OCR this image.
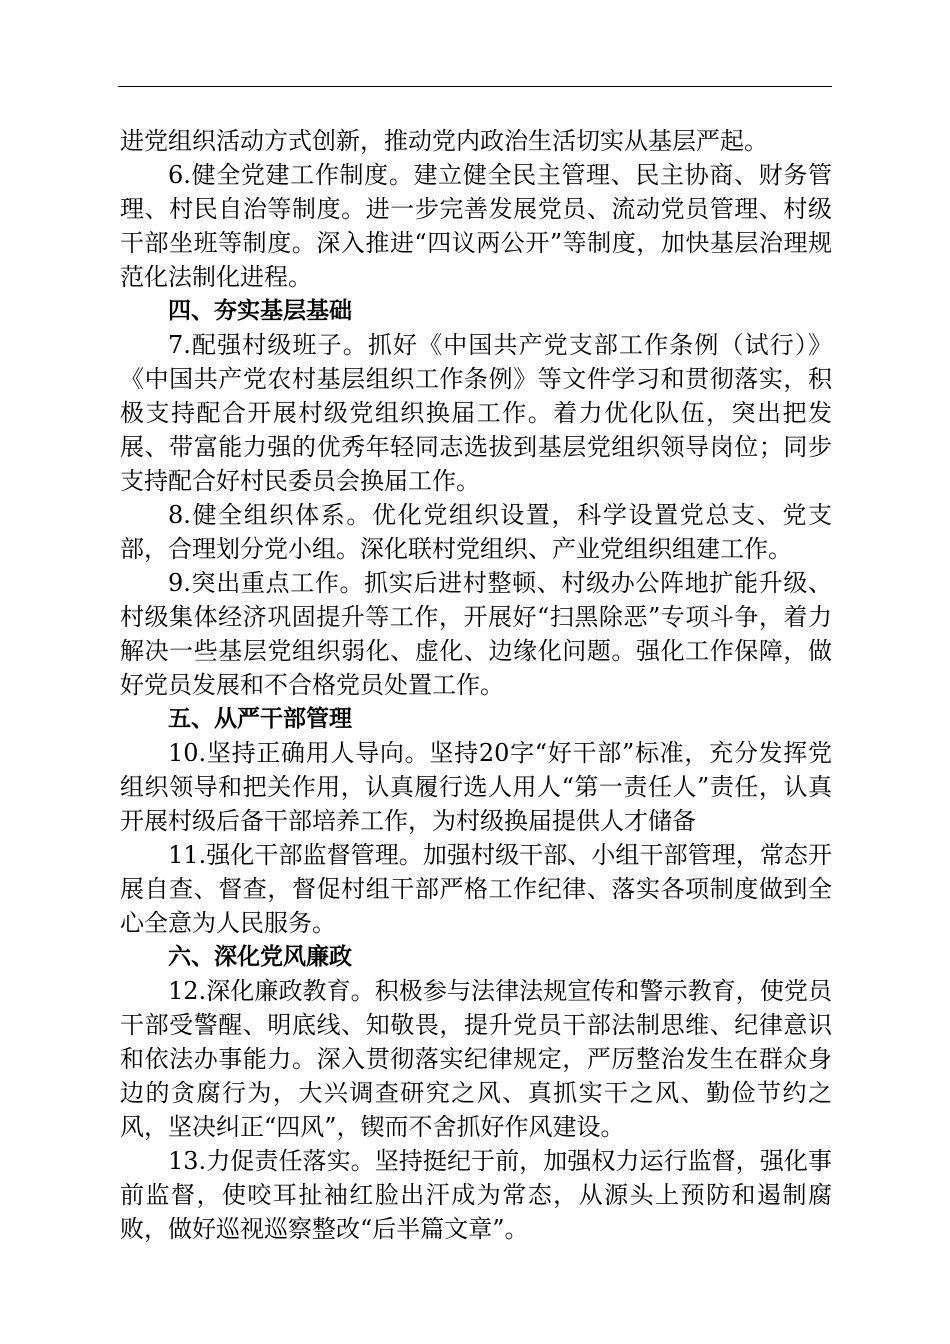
进党组织活动方式创新，推动党内政治生活切实从基层严起。

6.健全党建工作制度。建立健全民主管理、民主协商、财务管理、村民自治等制度。进一步完善发展党员、流动党员管理、村级干部坐班等制度。深入推进“四议两公开”等制度，加快基层治理规范化法制化进程。

四、夯实基层基础

7.配强村级班子。抓好《中国共产党支部工作条例（试行）》《中国共产党农村基层组织工作条例》等文件学习和贯彻落实，积极支持配合开展村级党组织换届工作。着力优化队伍，突出把发展、带富能力强的优秀年轻同志选拔到基层党组织领导岗位；同步支持配合好村民委员会换届工作。

8.健全组织体系。优化党组织设置，科学设置党总支、党支部，合理划分党小组。深化联村党组织、产业党组织组建工作。

9.突出重点工作。抓实后进村整顿、村级办公阵地扩能升级、村级集体经济巩固提升等工作，开展好“扫黑除恶”专项斗争，着力解决一些基层党组织弱化、虚化、边缘化问题。强化工作保障，做好党员发展和不合格党员处置工作。

五、从严干部管理

10.坚持正确用人导向。坚持20字“好干部”标准，充分发挥党组织领导和把关作用，认真履行选人用人“第一责任人”责任，认真开展村级后备干部培养工作，为村级换届提供人才储备

11.强化干部监督管理。加强村级干部、小组干部管理，常态开展自查、督查，督促村组干部严格工作纪律、落实各项制度做到全心全意为人民服务。

六、深化党风廉政

12.深化廉政教育。积极参与法律法规宣传和警示教育，使党员干部受警醒、明底线、知敬畏，提升党员干部法制思维、纪律意识和依法办事能力。深入贯彻落实纪律规定，严厉整治发生在群众身边的贪腐行为，大兴调查研究之风、真抓实干之风、勤俭节约之风，坚决纠正“四风”，锲而不舍抓好作风建设。

13.力促责任落实。坚持挺纪于前，加强权力运行监督，强化事前监督，使咬耳扯袖红脸出汗成为常态，从源头上预防和遏制腐败，做好巡视巡察整改“后半篇文章”。
